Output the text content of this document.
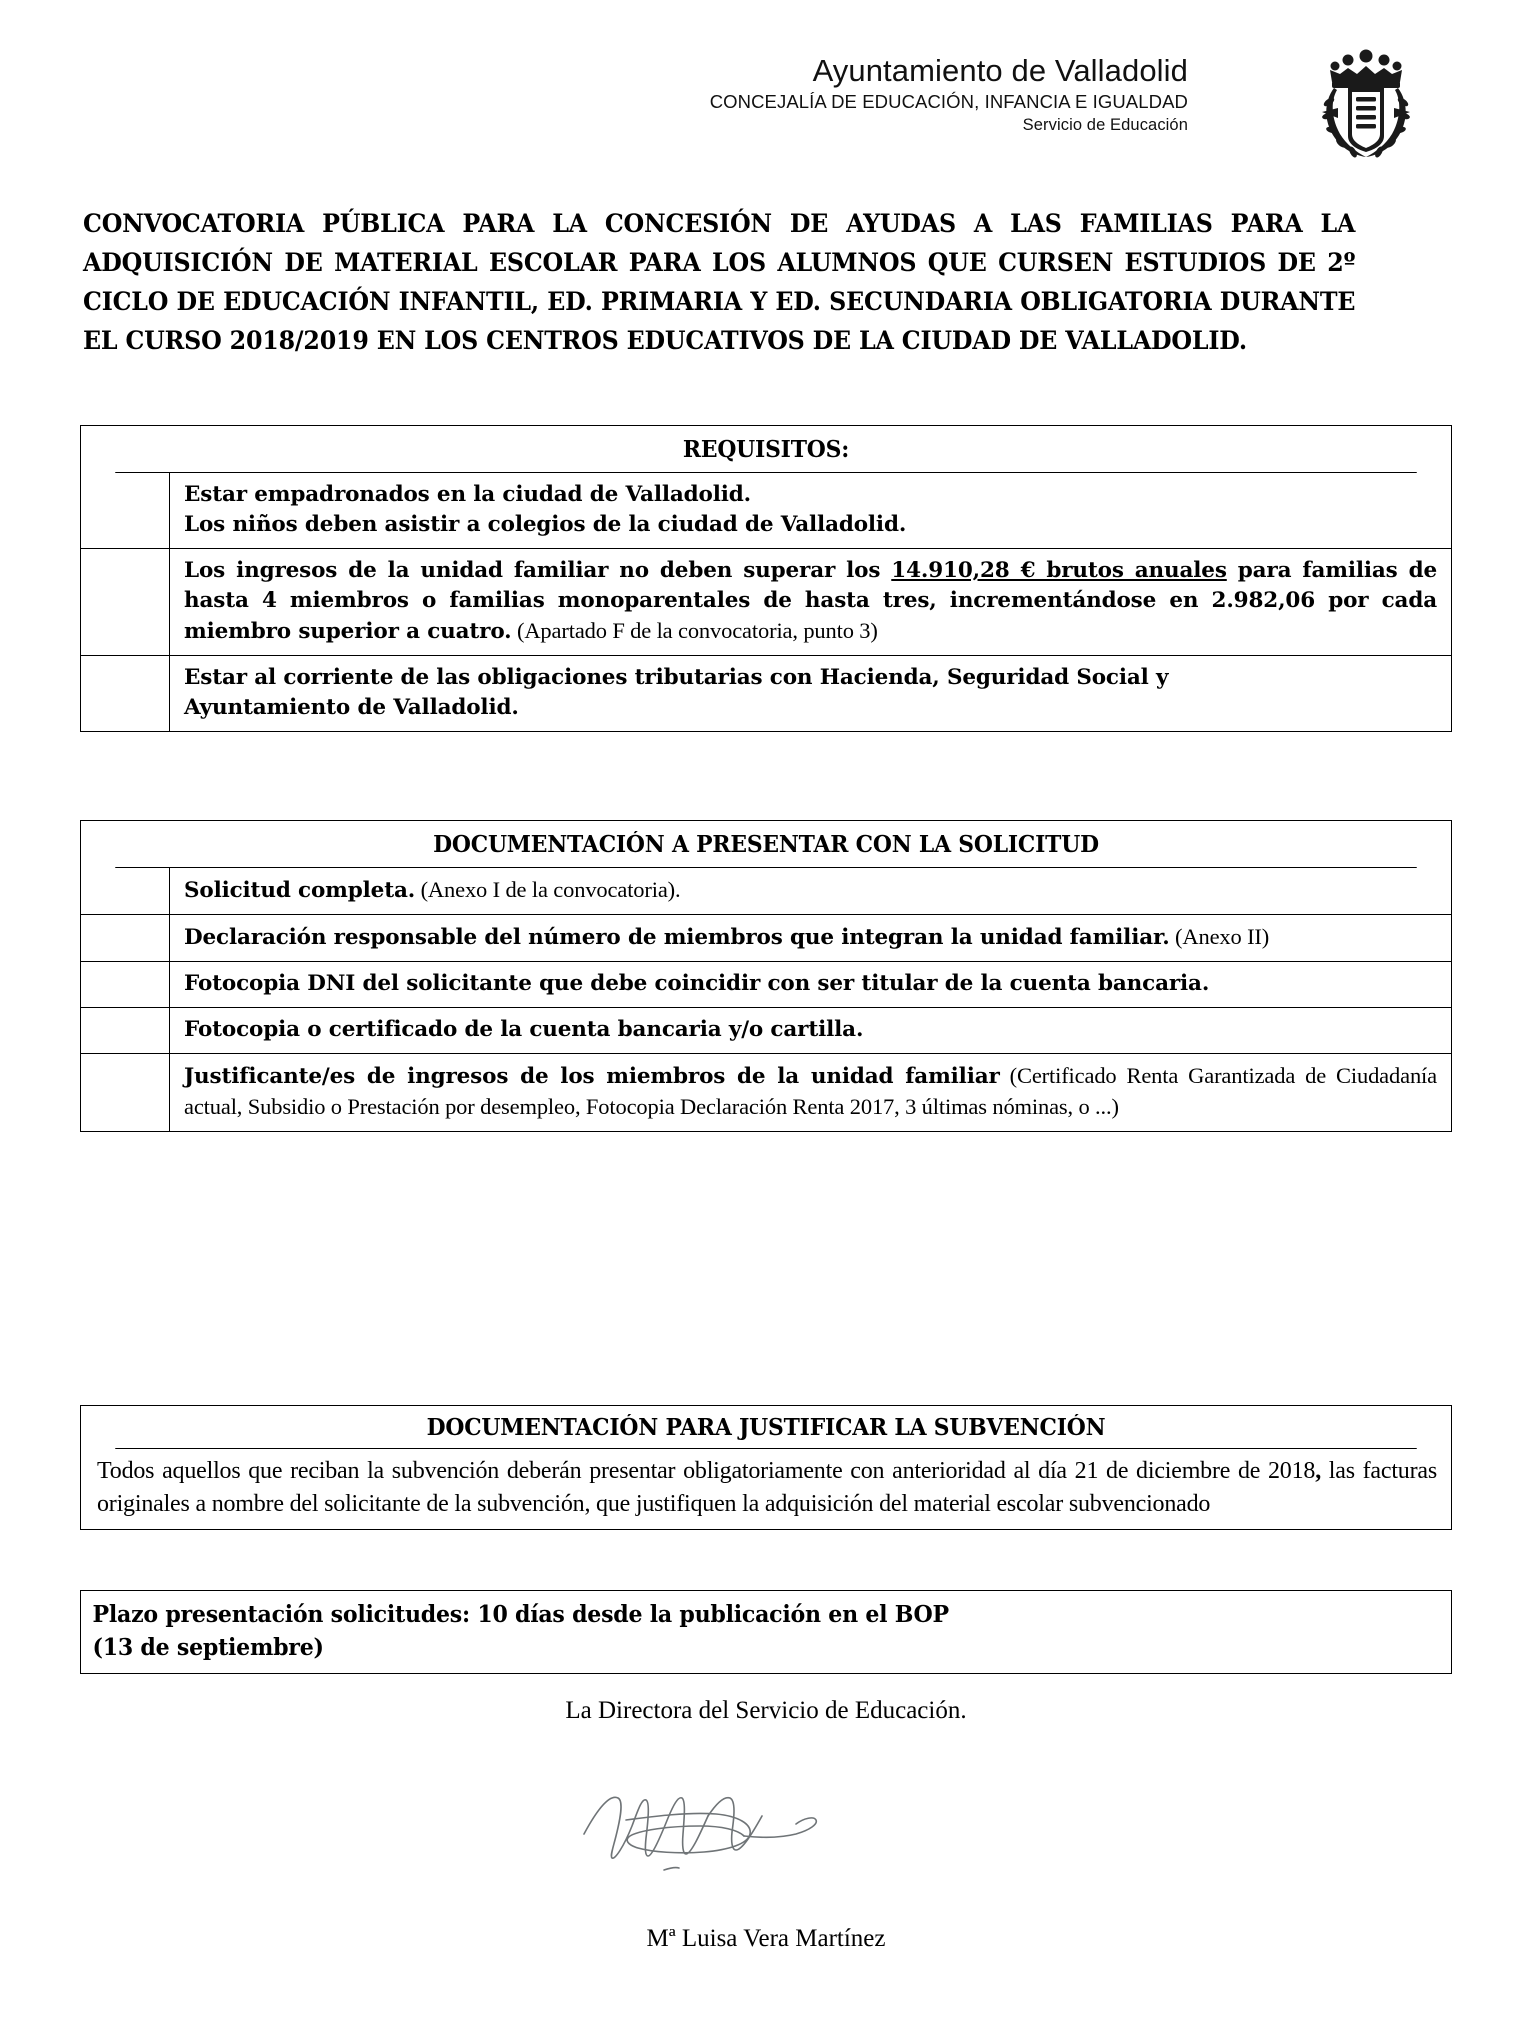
Ayuntamiento de Valladolid
CONCEJALÍA DE EDUCACIÓN, INFANCIA E IGUALDAD
Servicio de Educación
CONVOCATORIA PÚBLICA PARA LA CONCESIÓN DE AYUDAS A LAS FAMILIAS PARA LA ADQUISICIÓN DE MATERIAL ESCOLAR PARA LOS ALUMNOS QUE CURSEN ESTUDIOS DE 2º CICLO DE EDUCACIÓN INFANTIL, ED. PRIMARIA Y ED. SECUNDARIA OBLIGATORIA DURANTE EL CURSO 2018/2019 EN LOS CENTROS EDUCATIVOS DE LA CIUDAD DE VALLADOLID.
REQUISITOS:
Estar empadronados en la ciudad de Valladolid.
Los niños deben asistir a colegios de la ciudad de Valladolid.
Los ingresos de la unidad familiar no deben superar los 14.910,28 € brutos anuales para familias de hasta 4 miembros o familias monoparentales de hasta tres, incrementándose en 2.982,06 por cada miembro superior a cuatro. (Apartado F de la convocatoria, punto 3)
Estar al corriente de las obligaciones tributarias con Hacienda, Seguridad Social y
Ayuntamiento de Valladolid.
DOCUMENTACIÓN A PRESENTAR CON LA SOLICITUD
Solicitud completa. (Anexo I de la convocatoria).
Declaración responsable del número de miembros que integran la unidad familiar. (Anexo II)
Fotocopia DNI del solicitante que debe coincidir con ser titular de la cuenta bancaria.
Fotocopia o certificado de la cuenta bancaria y/o cartilla.
Justificante/es de ingresos de los miembros de la unidad familiar (Certificado Renta Garantizada de Ciudadanía actual, Subsidio o Prestación por desempleo, Fotocopia Declaración Renta 2017, 3 últimas nóminas, o ...)
DOCUMENTACIÓN PARA JUSTIFICAR LA SUBVENCIÓN
Todos aquellos que reciban la subvención deberán presentar obligatoriamente con anterioridad al día 21 de diciembre de 2018, las facturas originales a nombre del solicitante de la subvención, que justifiquen la adquisición del material escolar subvencionado
Plazo presentación solicitudes: 10 días desde la publicación en el BOP
(13 de septiembre)
La Directora del Servicio de Educación.
Mª Luisa Vera Martínez
